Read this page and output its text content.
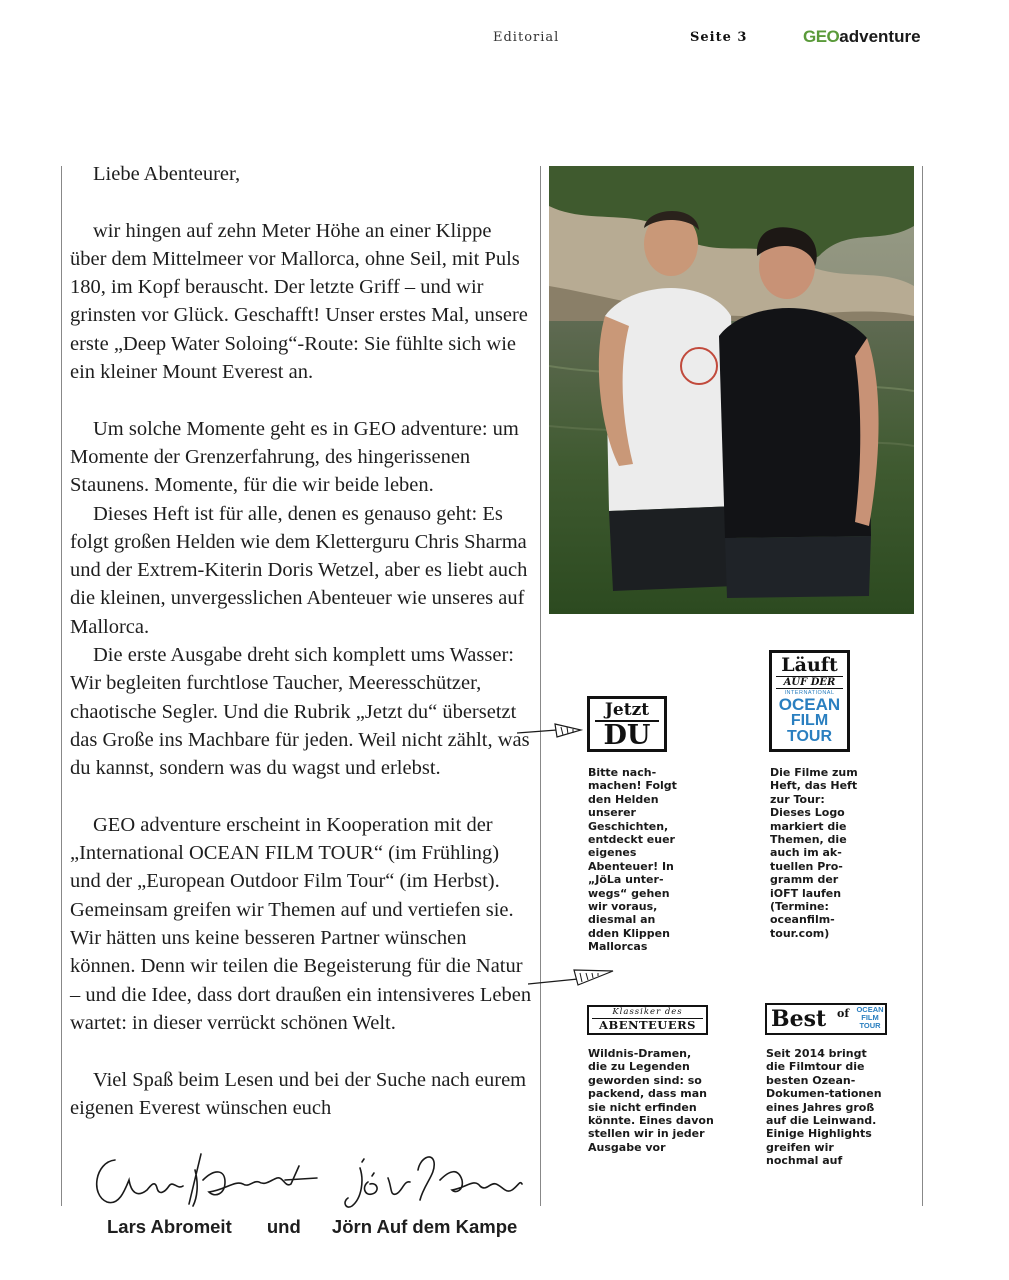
Editorial	Seite 3	GEOadventure

Liebe Abenteurer,

wir hingen auf zehn Meter Höhe an einer Klippe über dem Mittelmeer vor Mallorca, ohne Seil, mit Puls 180, im Kopf berauscht. Der letzte Griff – und wir grinsten vor Glück. Geschafft! Unser erstes Mal, unsere erste „Deep Water Soloing“-Route: Sie fühlte sich wie ein kleiner Mount Everest an.

Um solche Momente geht es in GEO adventure: um Momente der Grenzerfahrung, des hingerissenen Staunens. Momente, für die wir beide leben.

Dieses Heft ist für alle, denen es genauso geht: Es folgt großen Helden wie dem Kletterguru Chris Sharma und der Extrem-Kiterin Doris Wetzel, aber es liebt auch die kleinen, unvergesslichen Abenteuer wie unseres auf Mallorca.

Die erste Ausgabe dreht sich komplett ums Wasser: Wir begleiten furchtlose Taucher, Meeresschützer, chaotische Segler. Und die Rubrik „Jetzt du“ übersetzt das Große ins Machbare für jeden. Weil nicht zählt, was du kannst, sondern was du wagst und erlebst.

GEO adventure erscheint in Kooperation mit der „International OCEAN FILM TOUR“ (im Frühling) und der „European Outdoor Film Tour“ (im Herbst). Gemeinsam greifen wir Themen auf und vertiefen sie. Wir hätten uns keine besseren Partner wünschen können. Denn wir teilen die Begeisterung für die Natur – und die Idee, dass dort draußen ein intensiveres Leben wartet: in dieser verrückt schönen Welt.

Viel Spaß beim Lesen und bei der Suche nach eurem eigenen Everest wünschen euch

Lars Abromeit und Jörn Auf dem Kampe
Jetzt
DU

Bitte nach-machen! Folgt den Helden unserer Geschichten, entdeckt euer eigenes Abenteuer! In „JöLa unter-wegs“ gehen wir voraus, diesmal an dden Klippen Mallorcas

Läuft
AUF DER
INTERNATIONAL
OCEAN
FILM
TOUR

Die Filme zum Heft, das Heft zur Tour: Dieses Logo markiert die Themen, die auch im ak-tuellen Pro-gramm der iOFT laufen (Termine: oceanfilm-tour.com)

Klassiker des
ABENTEUERS

Wildnis-Dramen, die zu Legenden geworden sind: so packend, dass man sie nicht erfinden könnte. Eines davon stellen wir in jeder Ausgabe vor

Best of OCEAN
FILM
TOUR

Seit 2014 bringt die Filmtour die besten Ozean-Dokumen-tationen eines Jahres groß auf die Leinwand. Einige Highlights greifen wir nochmal auf
